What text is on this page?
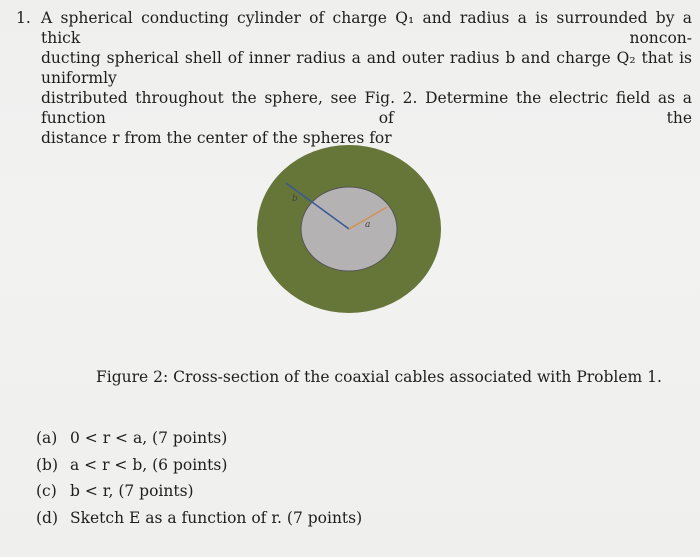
1. A spherical conducting cylinder of charge Q₁ and radius a is surrounded by a thick noncon-
ducting spherical shell of inner radius a and outer radius b and charge Q₂ that is uniformly
distributed throughout the sphere, see Fig. 2. Determine the electric field as a function of the
distance r from the center of the spheres for
b
a
Figure 2: Cross-section of the coaxial cables associated with Problem 1.
(a) 0 < r < a, (7 points)
(b) a < r < b, (6 points)
(c) b < r, (7 points)
(d) Sketch E as a function of r. (7 points)
